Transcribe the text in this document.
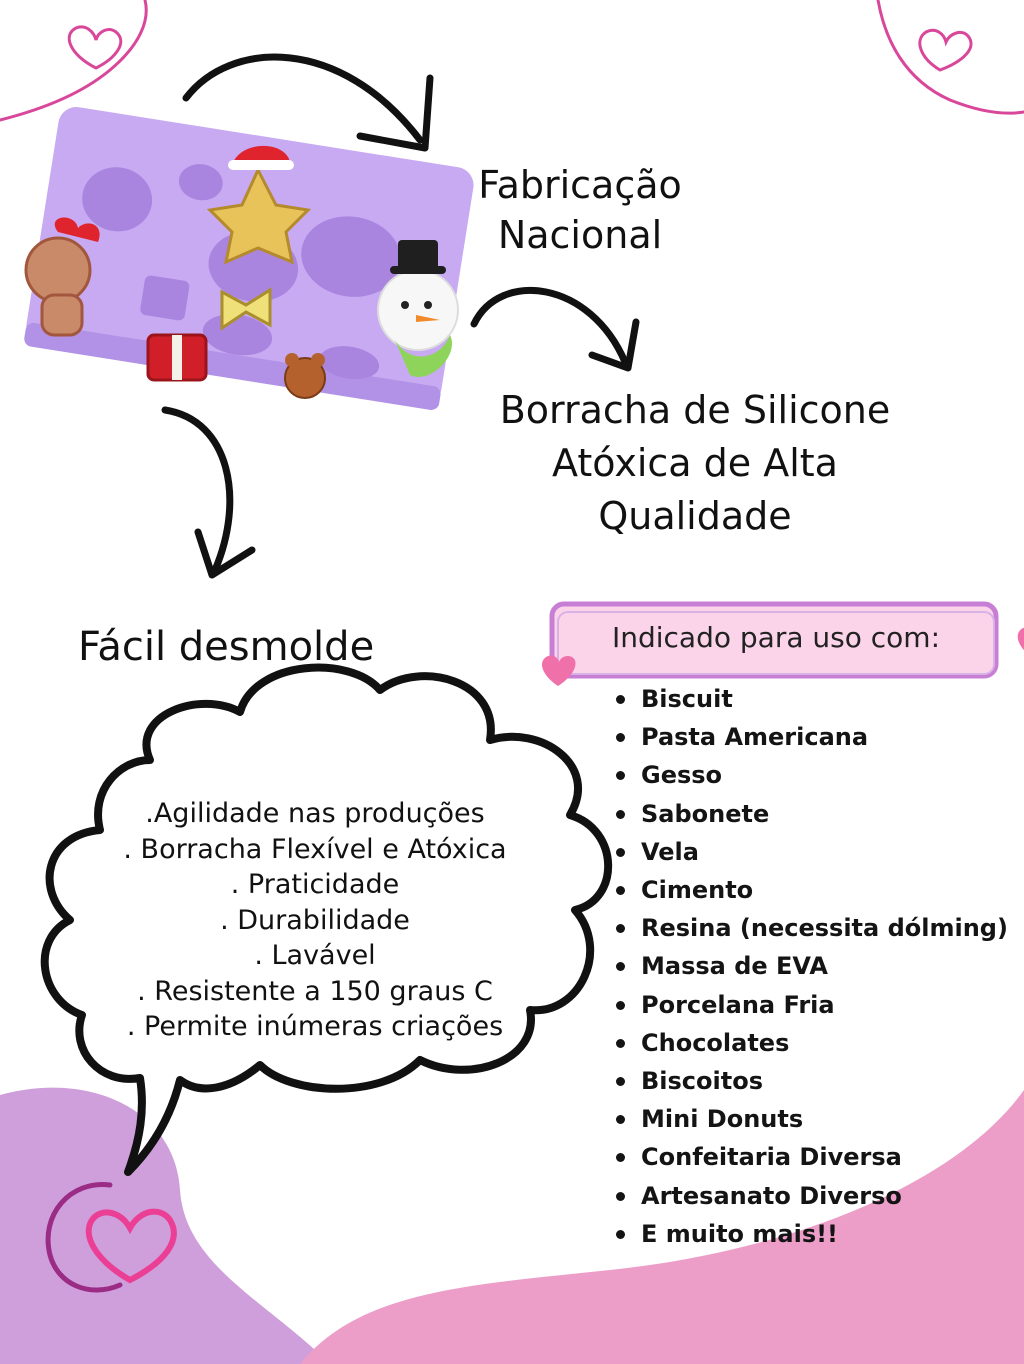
Fabricação
Nacional
Borracha de Silicone
Atóxica de Alta
Qualidade
Fácil desmolde
.Agilidade nas produções
. Borracha Flexível e Atóxica
. Praticidade
. Durabilidade
. Lavável
. Resistente a 150 graus C
. Permite inúmeras criações
Indicado para uso com:
Biscuit
Pasta Americana
Gesso
Sabonete
Vela
Cimento
Resina (necessita dólming)
Massa de EVA
Porcelana Fria
Chocolates
Biscoitos
Mini Donuts
Confeitaria Diversa
Artesanato Diverso
E muito mais!!
